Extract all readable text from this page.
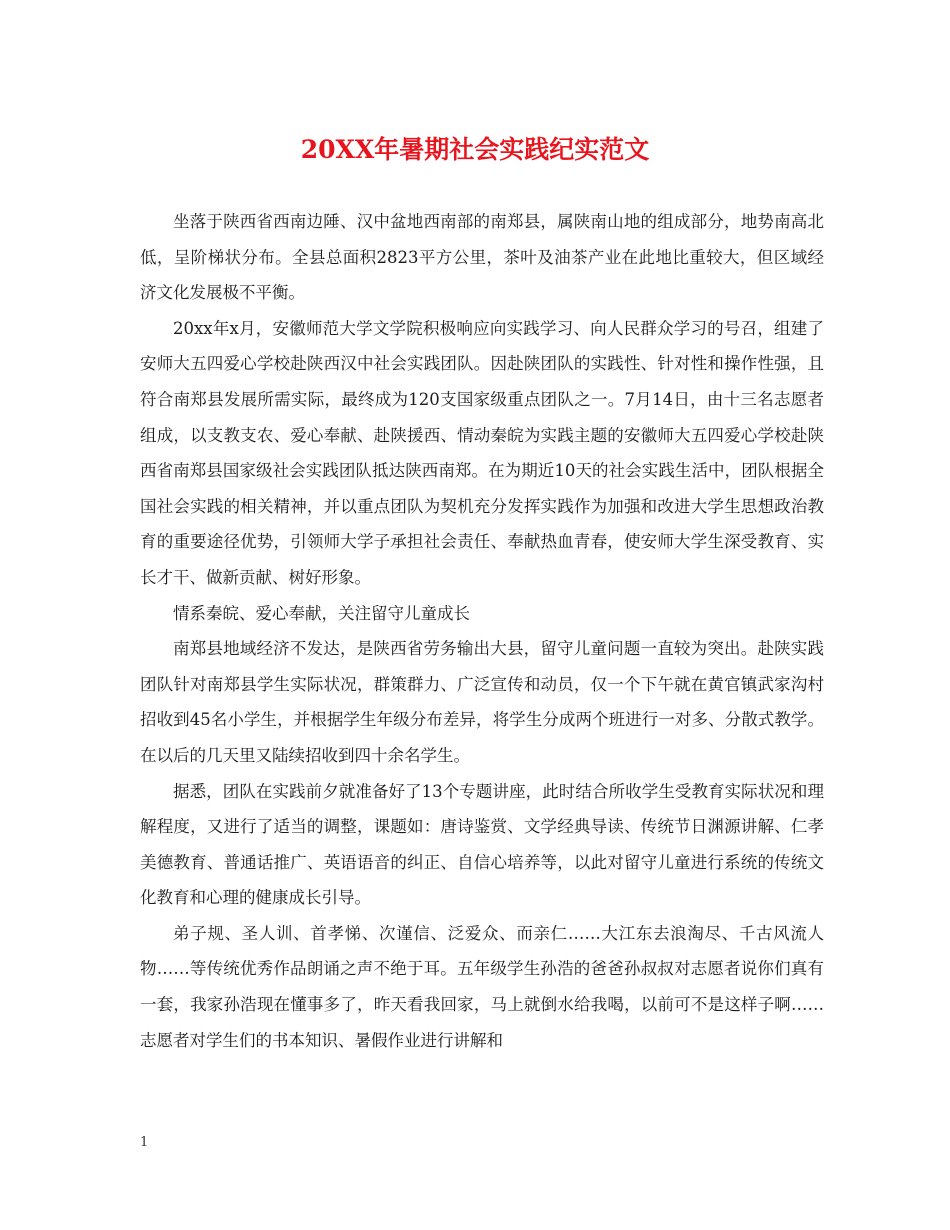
20XX年暑期社会实践纪实范文

坐落于陕西省西南边陲、汉中盆地西南部的南郑县，属陕南山地的组成部分，地势南高北低，呈阶梯状分布。全县总面积2823平方公里，茶叶及油茶产业在此地比重较大，但区域经济文化发展极不平衡。

20xx年x月，安徽师范大学文学院积极响应向实践学习、向人民群众学习的号召，组建了安师大五四爱心学校赴陕西汉中社会实践团队。因赴陕团队的实践性、针对性和操作性强，且符合南郑县发展所需实际，最终成为120支国家级重点团队之一。7月14日，由十三名志愿者组成，以支教支农、爱心奉献、赴陕援西、情动秦皖为实践主题的安徽师大五四爱心学校赴陕西省南郑县国家级社会实践团队抵达陕西南郑。在为期近10天的社会实践生活中，团队根据全国社会实践的相关精神，并以重点团队为契机充分发挥实践作为加强和改进大学生思想政治教育的重要途径优势，引领师大学子承担社会责任、奉献热血青春，使安师大学生深受教育、实长才干、做新贡献、树好形象。

情系秦皖、爱心奉献，关注留守儿童成长

南郑县地域经济不发达，是陕西省劳务输出大县，留守儿童问题一直较为突出。赴陕实践团队针对南郑县学生实际状况，群策群力、广泛宣传和动员，仅一个下午就在黄官镇武家沟村招收到45名小学生，并根据学生年级分布差异，将学生分成两个班进行一对多、分散式教学。在以后的几天里又陆续招收到四十余名学生。

据悉，团队在实践前夕就准备好了13个专题讲座，此时结合所收学生受教育实际状况和理解程度，又进行了适当的调整，课题如：唐诗鉴赏、文学经典导读、传统节日渊源讲解、仁孝美德教育、普通话推广、英语语音的纠正、自信心培养等，以此对留守儿童进行系统的传统文化教育和心理的健康成长引导。

弟子规、圣人训、首孝悌、次谨信、泛爱众、而亲仁……大江东去浪淘尽、千古风流人物……等传统优秀作品朗诵之声不绝于耳。五年级学生孙浩的爸爸孙叔叔对志愿者说你们真有一套，我家孙浩现在懂事多了，昨天看我回家，马上就倒水给我喝，以前可不是这样子啊……志愿者对学生们的书本知识、暑假作业进行讲解和

1
